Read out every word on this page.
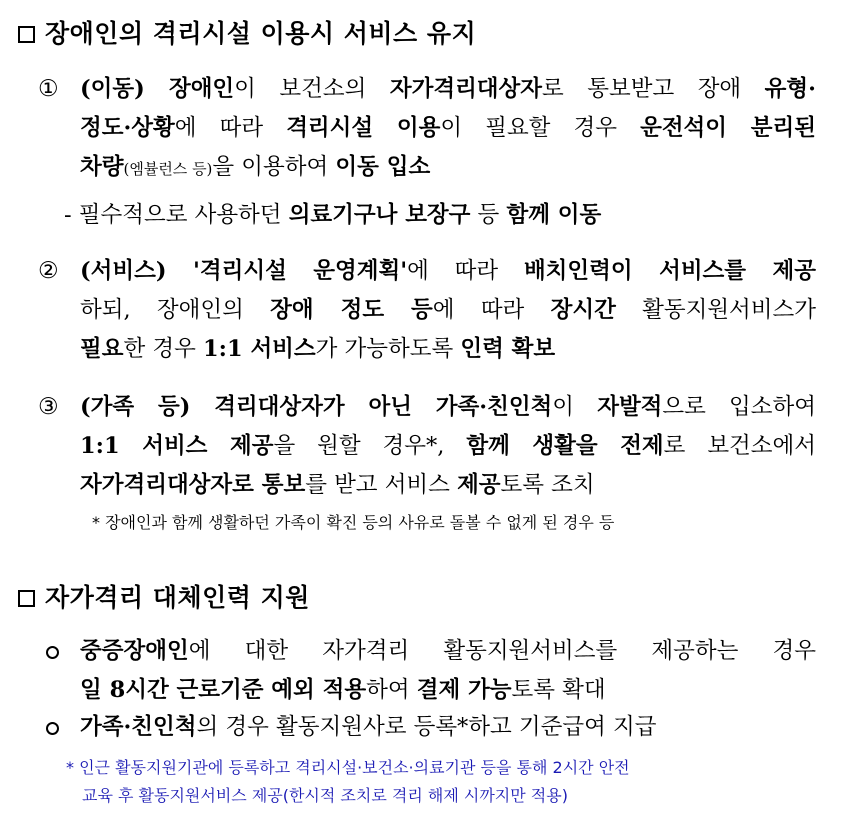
장애인의 격리시설 이용시 서비스 유지
① (이동) 장애인이 보건소의 자가격리대상자로 통보받고 장애 유형·
정도·상황에 따라 격리시설 이용이 필요할 경우 운전석이 분리된
차량(엠뷸런스 등)을 이용하여 이동 입소
- 필수적으로 사용하던 의료기구나 보장구 등 함께 이동
② (서비스) '격리시설 운영계획'에 따라 배치인력이 서비스를 제공
하되, 장애인의 장애 정도 등에 따라 장시간 활동지원서비스가
필요한 경우 1:1 서비스가 가능하도록 인력 확보
③ (가족 등) 격리대상자가 아닌 가족·친인척이 자발적으로 입소하여
1:1 서비스 제공을 원할 경우*, 함께 생활을 전제로 보건소에서
자가격리대상자로 통보를 받고 서비스 제공토록 조치
* 장애인과 함께 생활하던 가족이 확진 등의 사유로 돌볼 수 없게 된 경우 등
자가격리 대체인력 지원
중증장애인에 대한 자가격리 활동지원서비스를 제공하는 경우
일 8시간 근로기준 예외 적용하여 결제 가능토록 확대
가족·친인척의 경우 활동지원사로 등록*하고 기준급여 지급
* 인근 활동지원기관에 등록하고 격리시설·보건소·의료기관 등을 통해 2시간 안전
교육 후 활동지원서비스 제공(한시적 조치로 격리 해제 시까지만 적용)
